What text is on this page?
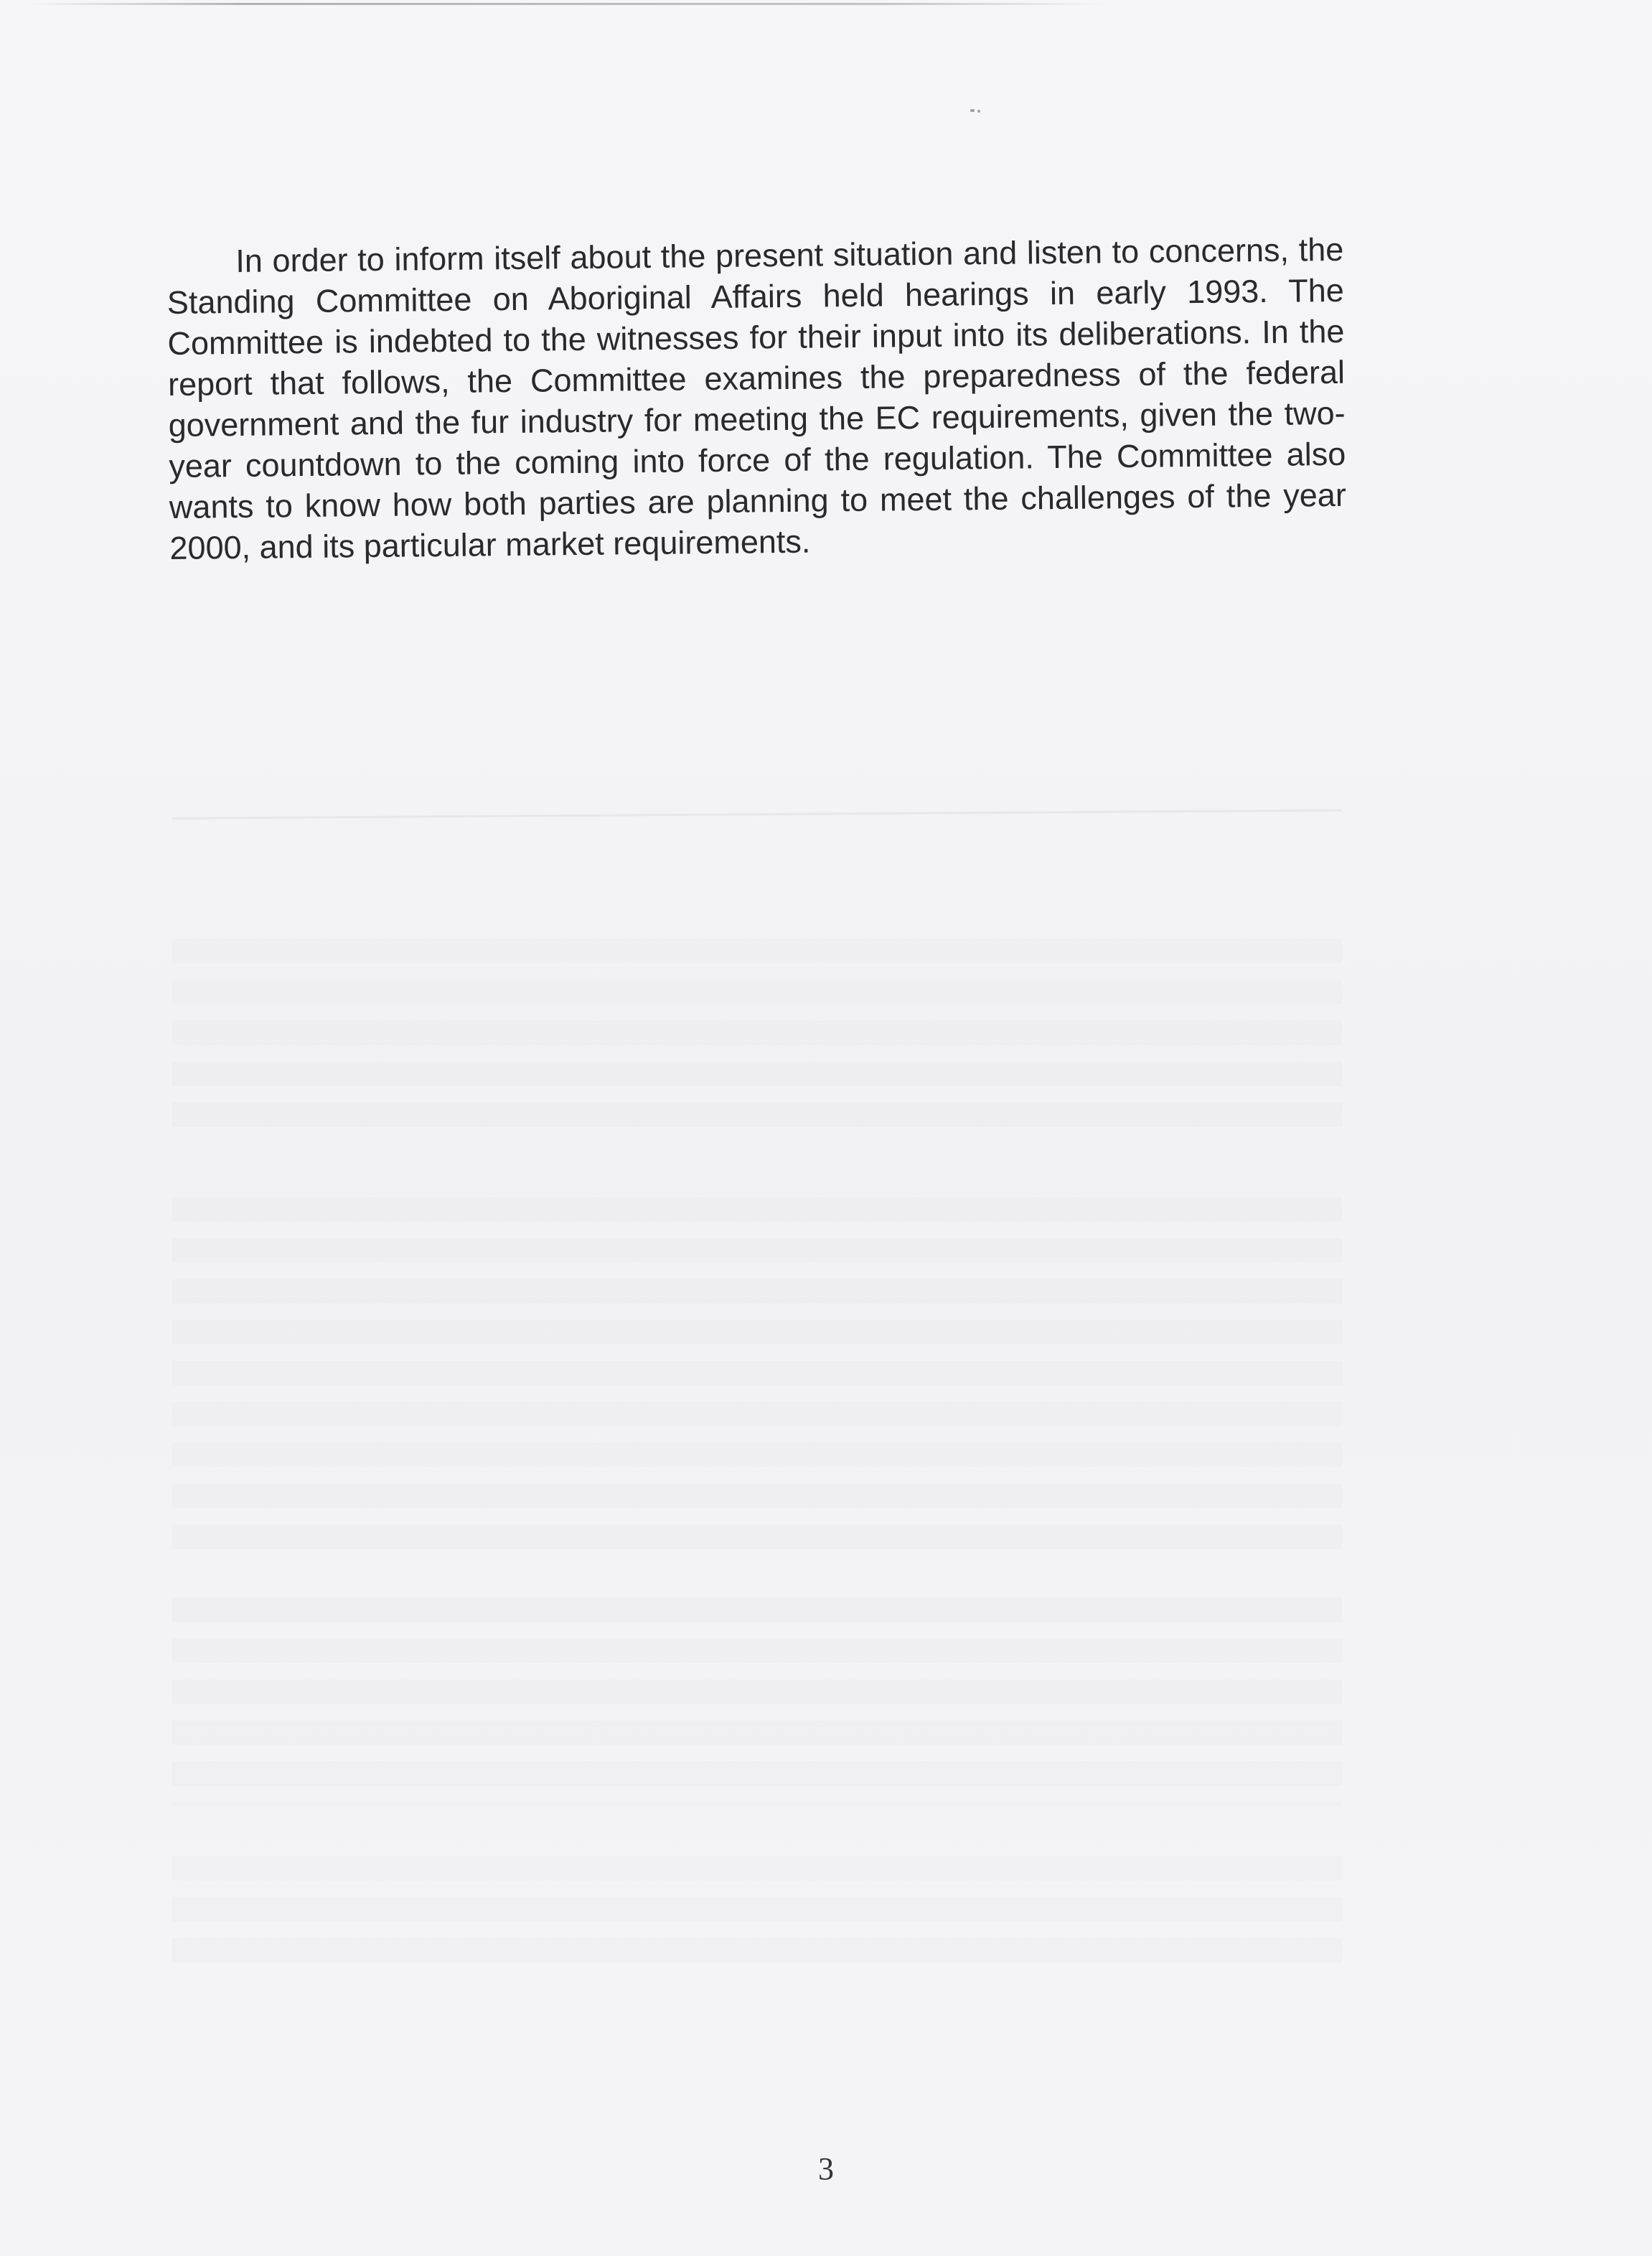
In order to inform itself about the present situation and listen to concerns, the Standing Committee on Aboriginal Affairs held hearings in early 1993. The Committee is indebted to the witnesses for their input into its deliberations. In the report that follows, the Committee examines the preparedness of the federal government and the fur industry for meeting the EC requirements, given the two-year countdown to the coming into force of the regulation. The Committee also wants to know how both parties are planning to meet the challenges of the year 2000, and its particular market requirements.

3
